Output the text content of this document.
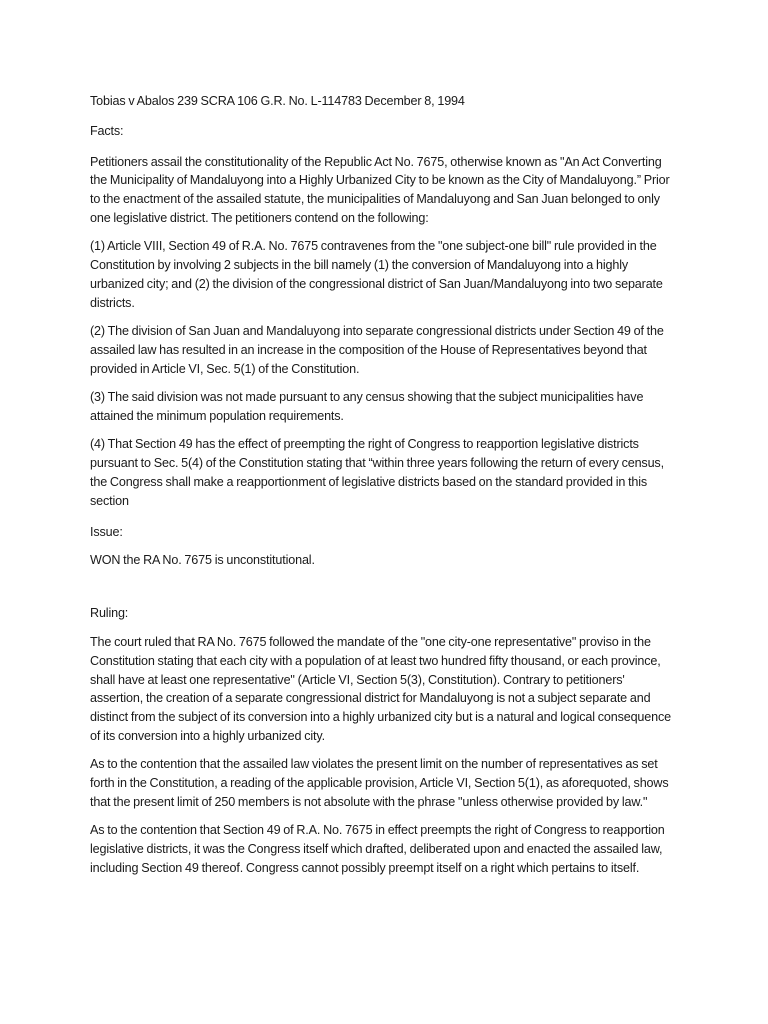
Tobias v Abalos 239 SCRA 106 G.R. No. L-114783 December 8, 1994

Facts:

Petitioners assail the constitutionality of the Republic Act No. 7675, otherwise known as "An Act Converting the Municipality of Mandaluyong into a Highly Urbanized City to be known as the City of Mandaluyong.” Prior to the enactment of the assailed statute, the municipalities of Mandaluyong and San Juan belonged to only one legislative district. The petitioners contend on the following:

(1) Article VIII, Section 49 of R.A. No. 7675 contravenes from the "one subject-one bill" rule provided in the Constitution by involving 2 subjects in the bill namely (1) the conversion of Mandaluyong into a highly urbanized city; and (2) the division of the congressional district of San Juan/Mandaluyong into two separate districts.

(2) The division of San Juan and Mandaluyong into separate congressional districts under Section 49 of the assailed law has resulted in an increase in the composition of the House of Representatives beyond that provided in Article VI, Sec. 5(1) of the Constitution.

(3) The said division was not made pursuant to any census showing that the subject municipalities have attained the minimum population requirements.

(4) That Section 49 has the effect of preempting the right of Congress to reapportion legislative districts pursuant to Sec. 5(4) of the Constitution stating that “within three years following the return of every census, the Congress shall make a reapportionment of legislative districts based on the standard provided in this section

Issue:

WON the RA No. 7675 is unconstitutional.

Ruling:

The court ruled that RA No. 7675 followed the mandate of the "one city-one representative" proviso in the Constitution stating that each city with a population of at least two hundred fifty thousand, or each province, shall have at least one representative" (Article VI, Section 5(3), Constitution). Contrary to petitioners' assertion, the creation of a separate congressional district for Mandaluyong is not a subject separate and distinct from the subject of its conversion into a highly urbanized city but is a natural and logical consequence of its conversion into a highly urbanized city.

As to the contention that the assailed law violates the present limit on the number of representatives as set forth in the Constitution, a reading of the applicable provision, Article VI, Section 5(1), as aforequoted, shows that the present limit of 250 members is not absolute with the phrase "unless otherwise provided by law."

As to the contention that Section 49 of R.A. No. 7675 in effect preempts the right of Congress to reapportion legislative districts, it was the Congress itself which drafted, deliberated upon and enacted the assailed law, including Section 49 thereof. Congress cannot possibly preempt itself on a right which pertains to itself.
